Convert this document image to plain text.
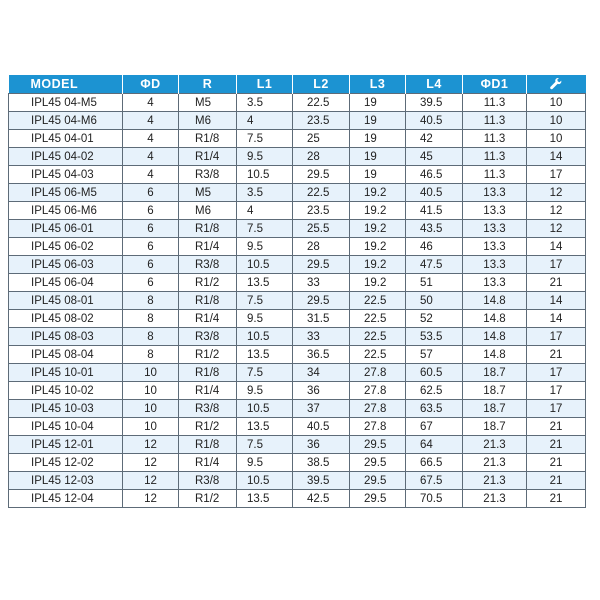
MODEL	ΦD	R	L1	L2	L3	L4	ΦD1	
IPL45 04-M5	4	M5	3.5	22.5	19	39.5	11.3	10
IPL45 04-M6	4	M6	4	23.5	19	40.5	11.3	10
IPL45 04-01	4	R1/8	7.5	25	19	42	11.3	10
IPL45 04-02	4	R1/4	9.5	28	19	45	11.3	14
IPL45 04-03	4	R3/8	10.5	29.5	19	46.5	11.3	17
IPL45 06-M5	6	M5	3.5	22.5	19.2	40.5	13.3	12
IPL45 06-M6	6	M6	4	23.5	19.2	41.5	13.3	12
IPL45 06-01	6	R1/8	7.5	25.5	19.2	43.5	13.3	12
IPL45 06-02	6	R1/4	9.5	28	19.2	46	13.3	14
IPL45 06-03	6	R3/8	10.5	29.5	19.2	47.5	13.3	17
IPL45 06-04	6	R1/2	13.5	33	19.2	51	13.3	21
IPL45 08-01	8	R1/8	7.5	29.5	22.5	50	14.8	14
IPL45 08-02	8	R1/4	9.5	31.5	22.5	52	14.8	14
IPL45 08-03	8	R3/8	10.5	33	22.5	53.5	14.8	17
IPL45 08-04	8	R1/2	13.5	36.5	22.5	57	14.8	21
IPL45 10-01	10	R1/8	7.5	34	27.8	60.5	18.7	17
IPL45 10-02	10	R1/4	9.5	36	27.8	62.5	18.7	17
IPL45 10-03	10	R3/8	10.5	37	27.8	63.5	18.7	17
IPL45 10-04	10	R1/2	13.5	40.5	27.8	67	18.7	21
IPL45 12-01	12	R1/8	7.5	36	29.5	64	21.3	21
IPL45 12-02	12	R1/4	9.5	38.5	29.5	66.5	21.3	21
IPL45 12-03	12	R3/8	10.5	39.5	29.5	67.5	21.3	21
IPL45 12-04	12	R1/2	13.5	42.5	29.5	70.5	21.3	21
